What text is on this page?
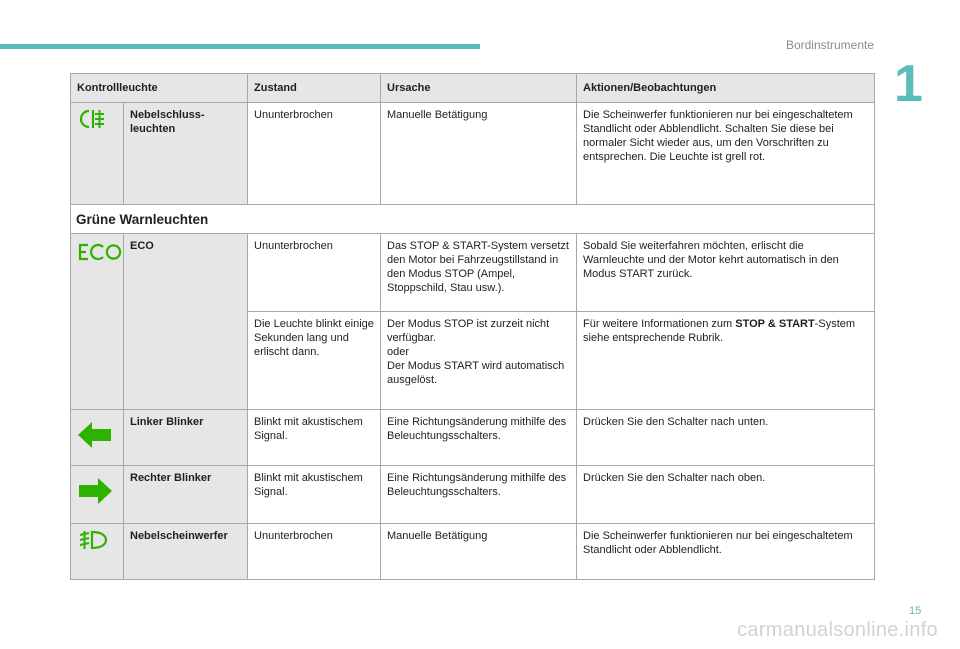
Bordinstrumente
1
Kontrollleuchte		Zustand	Ursache	Aktionen/Beobachtungen
	Nebelschluss-leuchten	Ununterbrochen	Manuelle Betätigung	Die Scheinwerfer funktionieren nur bei eingeschaltetem Standlicht oder Abblendlicht. Schalten Sie diese bei normaler Sicht wieder aus, um den Vorschriften zu entsprechen. Die Leuchte ist grell rot.
Grüne Warnleuchten				
	ECO	Ununterbrochen	Das STOP & START-System versetzt den Motor bei Fahrzeugstillstand in den Modus STOP (Ampel, Stoppschild, Stau usw.).	Sobald Sie weiterfahren möchten, erlischt die Warnleuchte und der Motor kehrt automatisch in den Modus START zurück.
		Die Leuchte blinkt einige Sekunden lang und erlischt dann.	Der Modus STOP ist zurzeit nicht verfügbar.
oder
Der Modus START wird automatisch ausgelöst.	Für weitere Informationen zum STOP & START-System siehe entsprechende Rubrik.
	Linker Blinker	Blinkt mit akustischem Signal.	Eine Richtungsänderung mithilfe des Beleuchtungsschalters.	Drücken Sie den Schalter nach unten.
	Rechter Blinker	Blinkt mit akustischem Signal.	Eine Richtungsänderung mithilfe des Beleuchtungsschalters.	Drücken Sie den Schalter nach oben.
	Nebelscheinwerfer	Ununterbrochen	Manuelle Betätigung	Die Scheinwerfer funktionieren nur bei eingeschaltetem Standlicht oder Abblendlicht.
15
carmanualsonline.info
